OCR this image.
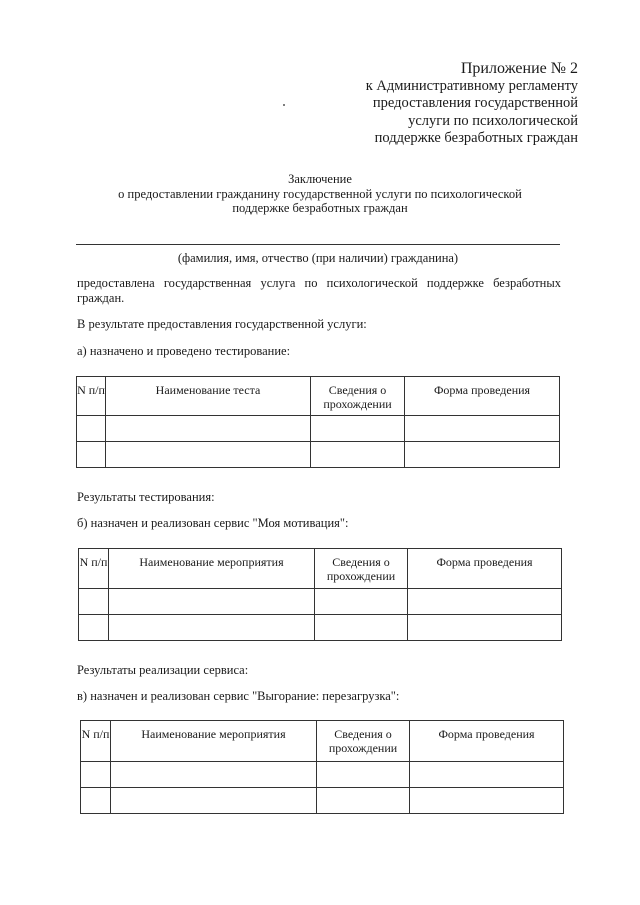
Приложение № 2
к Административному регламенту
предоставления государственной
услуги по психологической
поддержке безработных граждан
Заключение
о предоставлении гражданину государственной услуги по психологической
поддержке безработных граждан
(фамилия, имя, отчество (при наличии) гражданина)
предоставлена государственная услуга по психологической поддержке безработных граждан.
В результате предоставления государственной услуги:
а) назначено и проведено тестирование:
N п/п	Наименование теста	Сведения о прохождении	Форма проведения

Результаты тестирования:
б) назначен и реализован сервис "Моя мотивация":
N п/п	Наименование мероприятия	Сведения о прохождении	Форма проведения

Результаты реализации сервиса:
в) назначен и реализован сервис "Выгорание: перезагрузка":
N п/п	Наименование мероприятия	Сведения о прохождении	Форма проведения
